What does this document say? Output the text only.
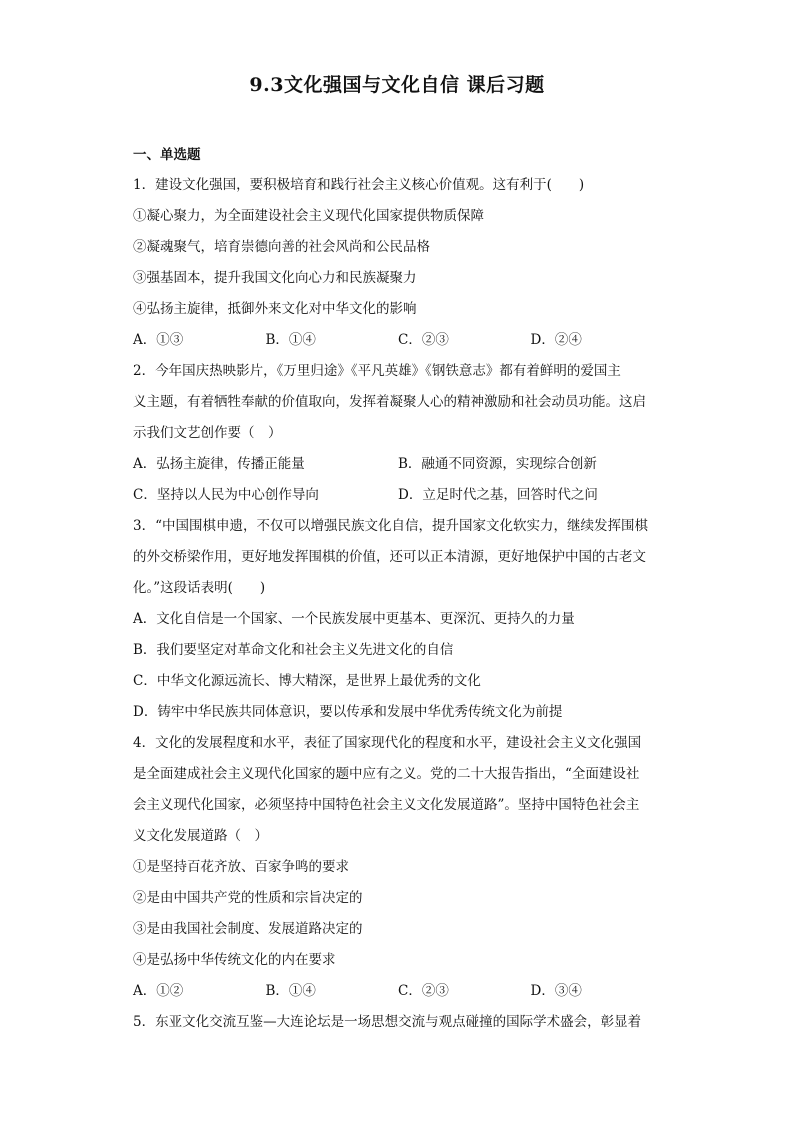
9.3文化强国与文化自信 课后习题
一、单选题
1．建设文化强国，要积极培育和践行社会主义核心价值观。这有利于(　　)
①凝心聚力，为全面建设社会主义现代化国家提供物质保障
②凝魂聚气，培育崇德向善的社会风尚和公民品格
③强基固本，提升我国文化向心力和民族凝聚力
④弘扬主旋律，抵御外来文化对中华文化的影响
A．①③	B．①④	C．②③	D．②④
2．今年国庆热映影片，《万里归途》《平凡英雄》《钢铁意志》都有着鲜明的爱国主
义主题，有着牺牲奉献的价值取向，发挥着凝聚人心的精神激励和社会动员功能。这启
示我们文艺创作要（　）
A．弘扬主旋律，传播正能量	B．融通不同资源，实现综合创新
C．坚持以人民为中心创作导向	D．立足时代之基，回答时代之问
3．“中国围棋申遗，不仅可以增强民族文化自信，提升国家文化软实力，继续发挥围棋
的外交桥梁作用，更好地发挥围棋的价值，还可以正本清源，更好地保护中国的古老文
化。”这段话表明(　　)
A．文化自信是一个国家、一个民族发展中更基本、更深沉、更持久的力量
B．我们要坚定对革命文化和社会主义先进文化的自信
C．中华文化源远流长、博大精深，是世界上最优秀的文化
D．铸牢中华民族共同体意识，要以传承和发展中华优秀传统文化为前提
4．文化的发展程度和水平，表征了国家现代化的程度和水平，建设社会主义文化强国
是全面建成社会主义现代化国家的题中应有之义。党的二十大报告指出，“全面建设社
会主义现代化国家，必须坚持中国特色社会主义文化发展道路”。坚持中国特色社会主
义文化发展道路（　）
①是坚持百花齐放、百家争鸣的要求
②是由中国共产党的性质和宗旨决定的
③是由我国社会制度、发展道路决定的
④是弘扬中华传统文化的内在要求
A．①②	B．①④	C．②③	D．③④
5．东亚文化交流互鉴—大连论坛是一场思想交流与观点碰撞的国际学术盛会，彰显着
